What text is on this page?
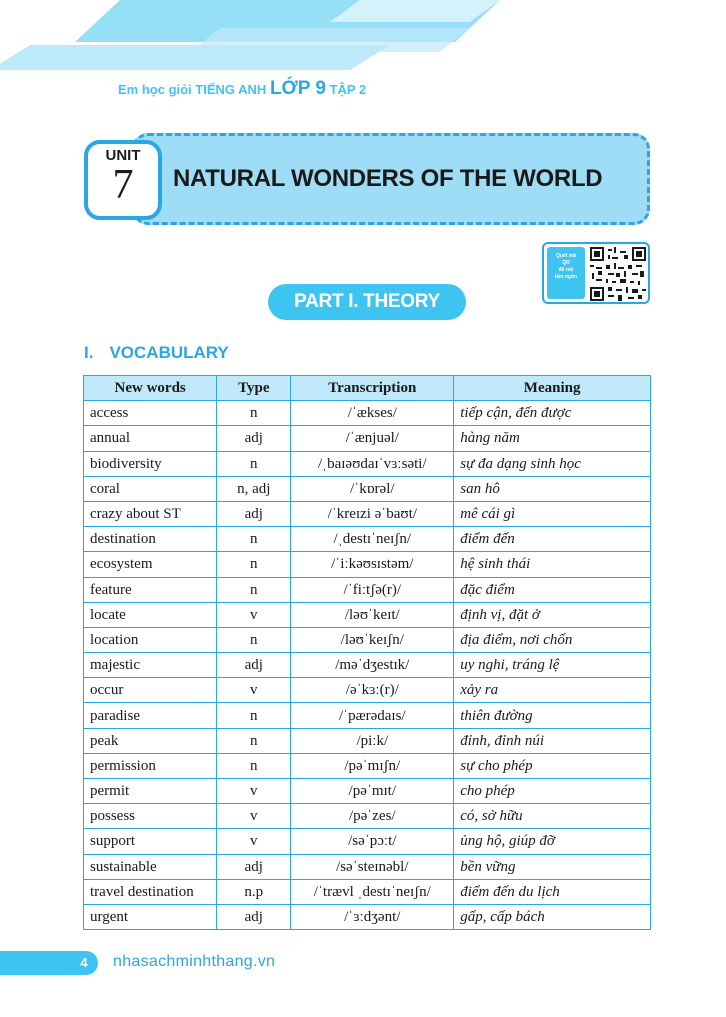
Em học giỏi TIẾNG ANH LỚP 9 TẬP 2
NATURAL WONDERS OF THE WORLD
UNIT
7
Quét mã
QR
để nói
lấm ngôn
PART I. THEORY
I. VOCABULARY
New words	Type	Transcription	Meaning
access	n	/ˈækses/	tiếp cận, đến được
annual	adj	/ˈænjuəl/	hàng năm
biodiversity	n	/ˌbaɪəʊdaɪˈvɜːsəti/	sự đa dạng sinh học
coral	n, adj	/ˈkɒrəl/	san hô
crazy about ST	adj	/ˈkreɪzi əˈbaʊt/	mê cái gì
destination	n	/ˌdestɪˈneɪʃn/	điểm đến
ecosystem	n	/ˈiːkəʊsɪstəm/	hệ sinh thái
feature	n	/ˈfiːtʃə(r)/	đặc điểm
locate	v	/ləʊˈkeɪt/	định vị, đặt ở
location	n	/ləʊˈkeɪʃn/	địa điểm, nơi chốn
majestic	adj	/məˈdʒestɪk/	uy nghi, tráng lệ
occur	v	/əˈkɜː(r)/	xảy ra
paradise	n	/ˈpærədaɪs/	thiên đường
peak	n	/piːk/	đỉnh, đỉnh núi
permission	n	/pəˈmɪʃn/	sự cho phép
permit	v	/pəˈmɪt/	cho phép
possess	v	/pəˈzes/	có, sở hữu
support	v	/səˈpɔːt/	ủng hộ, giúp đỡ
sustainable	adj	/səˈsteɪnəbl/	bền vững
travel destination	n.p	/ˈtrævl ˌdestɪˈneɪʃn/	điểm đến du lịch
urgent	adj	/ˈɜːdʒənt/	gấp, cấp bách
4	nhasachminhthang.vn
